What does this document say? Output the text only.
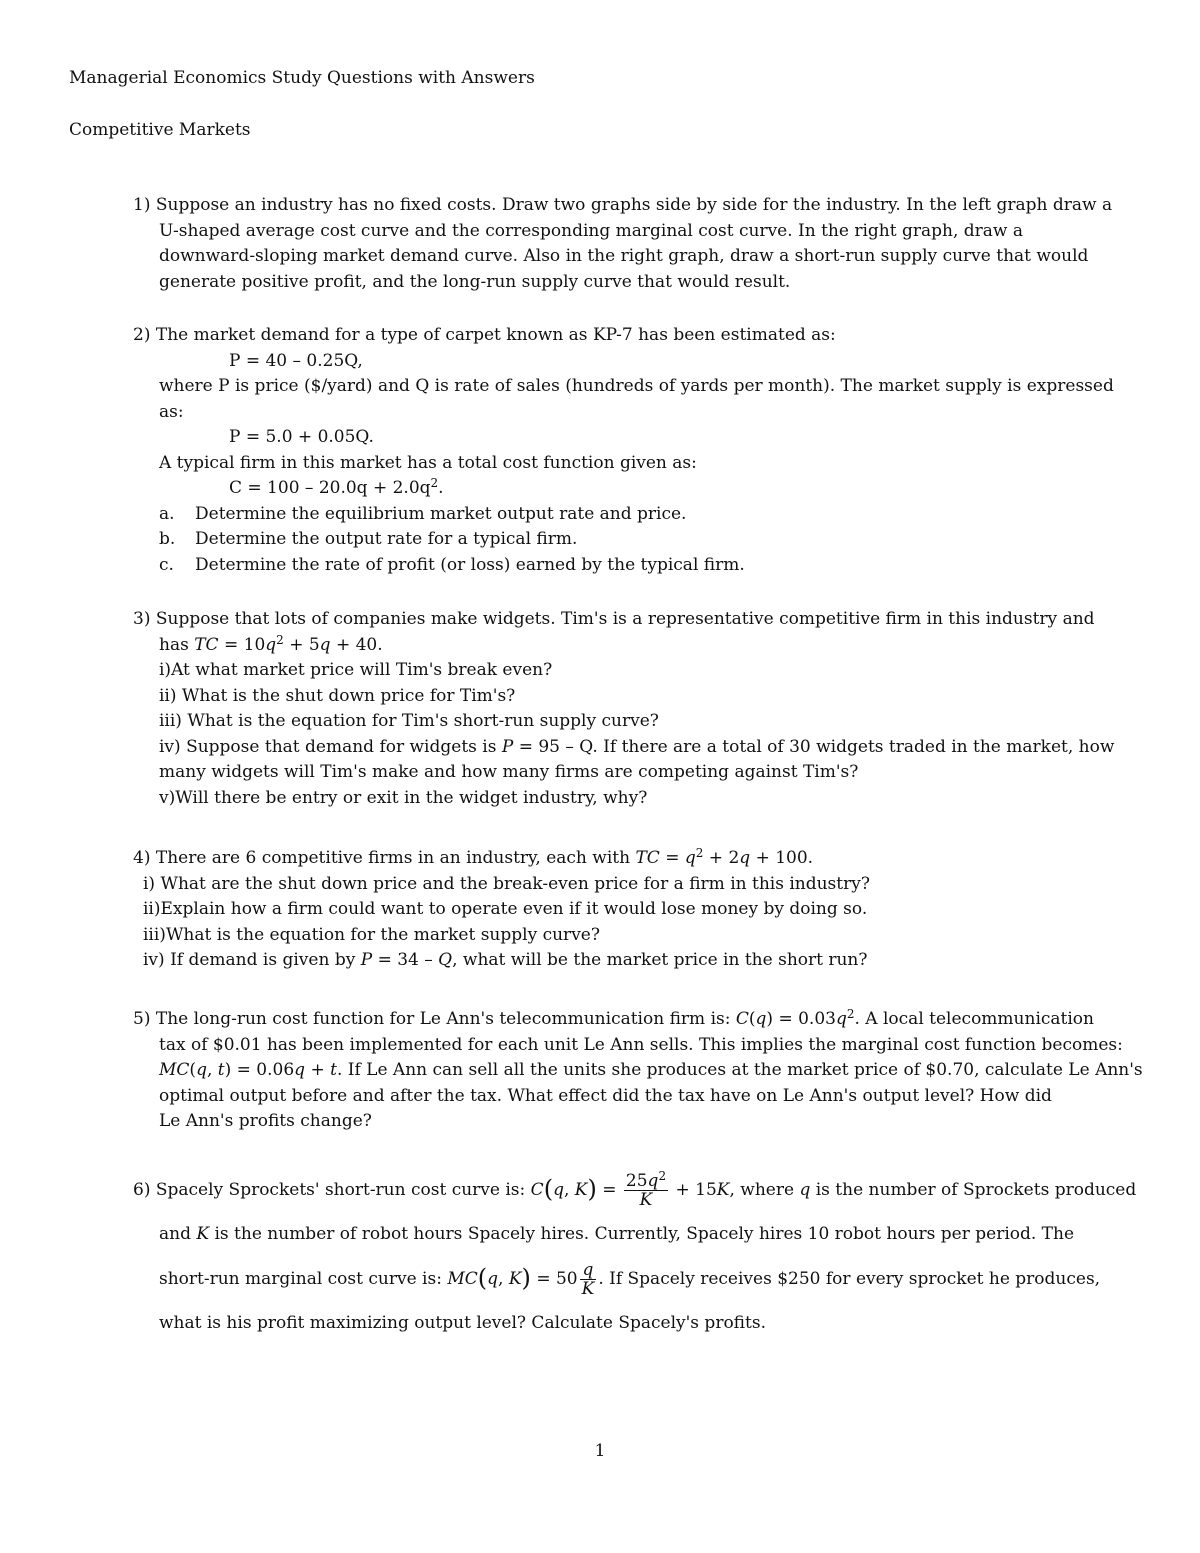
Managerial Economics Study Questions with Answers
Competitive Markets
1) Suppose an industry has no fixed costs. Draw two graphs side by side for the industry. In the left graph draw a
U-shaped average cost curve and the corresponding marginal cost curve. In the right graph, draw a
downward-sloping market demand curve. Also in the right graph, draw a short-run supply curve that would
generate positive profit, and the long-run supply curve that would result.
2) The market demand for a type of carpet known as KP-7 has been estimated as:
P = 40 – 0.25Q,
where P is price ($/yard) and Q is rate of sales (hundreds of yards per month). The market supply is expressed
as:
P = 5.0 + 0.05Q.
A typical firm in this market has a total cost function given as:
$C = 100 - 20.0q + 2.0q^2$.
a. Determine the equilibrium market output rate and price.
b. Determine the output rate for a typical firm.
c. Determine the rate of profit (or loss) earned by the typical firm.
3) Suppose that lots of companies make widgets. Tim's is a representative competitive firm in this industry and
has TC = $10q^2 + 5q + 40$.
i)At what market price will Tim's break even?
ii) What is the shut down price for Tim's?
iii) What is the equation for Tim's short-run supply curve?
iv) Suppose that demand for widgets is P = 95 – Q. If there are a total of 30 widgets traded in the market, how
many widgets will Tim's make and how many firms are competing against Tim's?
v)Will there be entry or exit in the widget industry, why?
4) There are 6 competitive firms in an industry, each with TC = $q^2 + 2q + 100$.
i) What are the shut down price and the break-even price for a firm in this industry?
ii)Explain how a firm could want to operate even if it would lose money by doing so.
iii)What is the equation for the market supply curve?
iv) If demand is given by P = 34 – Q, what will be the market price in the short run?
5) The long-run cost function for Le Ann's telecommunication firm is: $C(q) = 0.03q^2$. A local telecommunication
tax of $0.01 has been implemented for each unit Le Ann sells. This implies the marginal cost function becomes:
MC(q, t) = 0.06q + t. If Le Ann can sell all the units she produces at the market price of $0.70, calculate Le Ann's
optimal output before and after the tax. What effect did the tax have on Le Ann's output level? How did
Le Ann's profits change?
6) Spacely Sprockets' short-run cost curve is: C(q, $K) = \frac{25q^2}{K} + 15K$, where q is the number of Sprockets produced
and K is the number of robot hours Spacely hires. Currently, Spacely hires 10 robot hours per period. The
short-run marginal cost curve is: MC(q, $K) = 50 \frac{q}{K}$ . If Spacely receives $250 for every sprocket he produces,
what is his profit maximizing output level? Calculate Spacely's profits.
1
